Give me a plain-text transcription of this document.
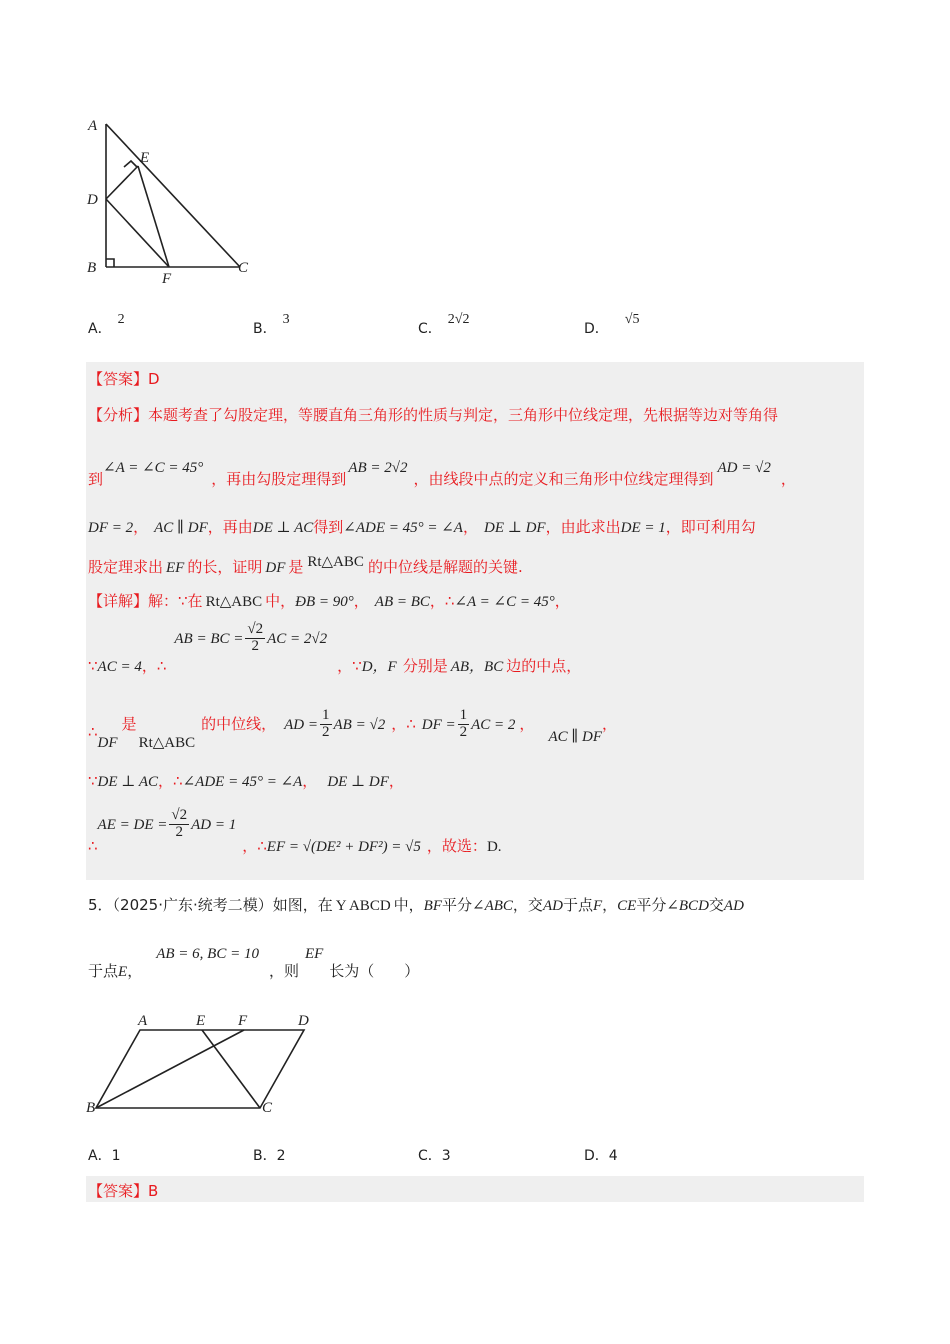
A
E
D
B
F
C
A．2
B．3
C．2√2
D．√5
【答案】D
【分析】本题考查了勾股定理，等腰直角三角形的性质与判定，三角形中位线定理，先根据等边对等角得
到∠A = ∠C = 45°，再由勾股定理得到AB = 2√2，由线段中点的定义和三角形中位线定理得到AD = √2，
DF = 2， AC ∥ DF，再由DE ⊥ AC得到∠ADE = 45° = ∠A， DE ⊥ DF，由此求出DE = 1，即可利用勾
股定理求出 EF 的长，证明 DF 是 Rt△ABC 的中位线是解题的关键.
【详解】解：∵在 Rt△ABC 中，ÐB = 90°， AB = BC，∴∠A = ∠C = 45°，
∵AC = 4，∴AB = BC = $\frac{√2}{2}$ AC = 2√2，∵D，F 分别是 AB，BC 边的中点，
∴DF是Rt△ABC的中位线， AD = $\frac{1}{2}$ AB = √2 ，∴ DF = $\frac{1}{2}$ AC = 2 ，AC ∥ DF，
∵DE ⊥ AC，∴∠ADE = 45° = ∠A， DE ⊥ DF，
∴AE = DE = $\frac{√2}{2}$ AD = 1，∴EF = √(DE² + DF²) = √5 ，故选：D.
5．（2025·广东·统考二模）如图，在 Y ABCD 中，BF平分∠ABC，交AD于点F，CE平分∠BCD交AD
于点E，AB = 6, BC = 10，则EF长为（　　）
A	E F	D
B	C
A．1	B．2	C．3	D．4
【答案】B
